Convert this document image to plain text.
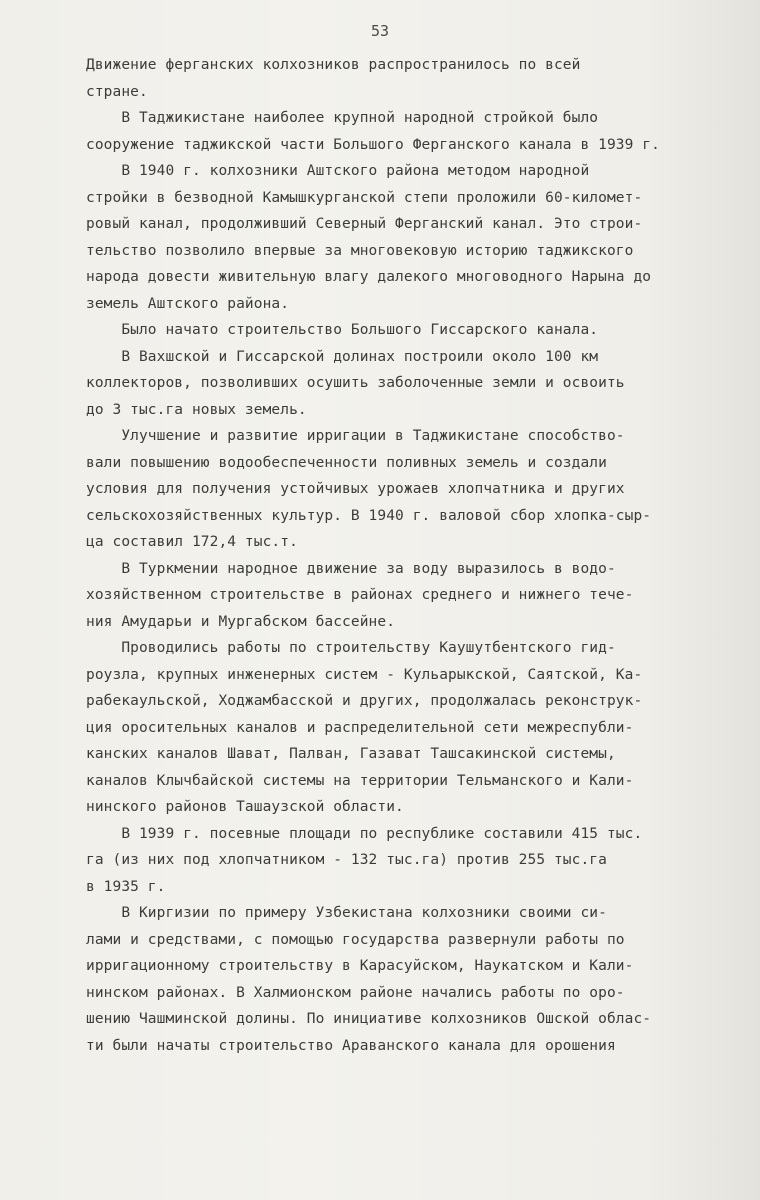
53
Движение ферганских колхозников распространилось по всей
стране.
В Таджикистане наиболее крупной народной стройкой было
сооружение таджикской части Большого Ферганского канала в 1939 г.
В 1940 г. колхозники Аштского района методом народной
стройки в безводной Камышкурганской степи проложили 60-километ-
ровый канал, продолживший Северный Ферганский канал. Это строи-
тельство позволило впервые за многовековую историю таджикского
народа довести живительную влагу далекого многоводного Нарына до
земель Аштского района.
Было начато строительство Большого Гиссарского канала.
В Вахшской и Гиссарской долинах построили около 100 км
коллекторов, позволивших осушить заболоченные земли и освоить
до 3 тыс.га новых земель.
Улучшение и развитие ирригации в Таджикистане способство-
вали повышению водообеспеченности поливных земель и создали
условия для получения устойчивых урожаев хлопчатника и других
сельскохозяйственных культур. В 1940 г. валовой сбор хлопка-сыр-
ца составил 172,4 тыс.т.
В Туркмении народное движение за воду выразилось в водо-
хозяйственном строительстве в районах среднего и нижнего тече-
ния Амударьи и Мургабском бассейне.
Проводились работы по строительству Каушутбентского гид-
роузла, крупных инженерных систем - Кульарыкской, Саятской, Ка-
рабекаульской, Ходжамбасской и других, продолжалась реконструк-
ция оросительных каналов и распределительной сети межреспубли-
канских каналов Шават, Палван, Газават Ташсакинской системы,
каналов Клычбайской системы на территории Тельманского и Кали-
нинского районов Ташаузской области.
В 1939 г. посевные площади по республике составили 415 тыс.
га (из них под хлопчатником - 132 тыс.га) против 255 тыс.га
в 1935 г.
В Киргизии по примеру Узбекистана колхозники своими си-
лами и средствами, с помощью государства развернули работы по
ирригационному строительству в Карасуйском, Наукатском и Кали-
нинском районах. В Халмионском районе начались работы по оро-
шению Чашминской долины. По инициативе колхозников Ошской облас-
ти были начаты строительство Араванского канала для орошения
